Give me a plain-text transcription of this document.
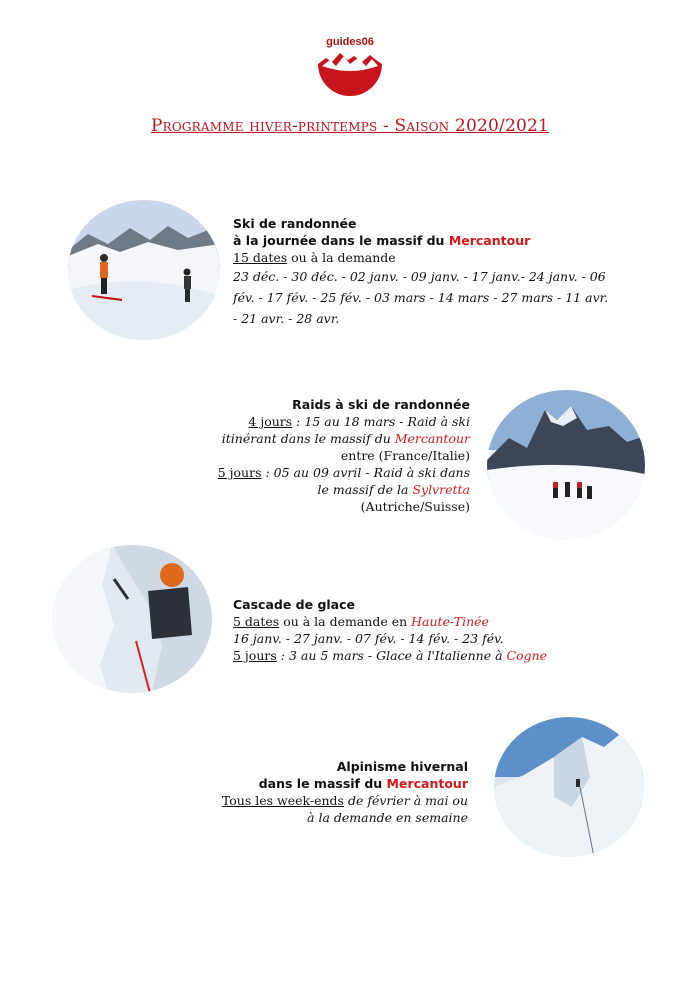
guides06
Programme hiver-printemps - Saison 2020/2021
Ski de randonnée
à la journée dans le massif du Mercantour
15 dates ou à la demande
23 déc. - 30 déc. - 02 janv. - 09 janv. - 17 janv.- 24 janv. - 06 fév. - 17 fév. - 25 fév. - 03 mars - 14 mars - 27 mars - 11 avr. - 21 avr. - 28 avr.
Raids à ski de randonnée
4 jours : 15 au 18 mars - Raid à ski
itinérant dans le massif du Mercantour
entre (France/Italie)
5 jours : 05 au 09 avril - Raid à ski dans
le massif de la Sylvretta
(Autriche/Suisse)
Cascade de glace
5 dates ou à la demande en Haute-Tinée
16 janv. - 27 janv. - 07 fév. - 14 fév. - 23 fév.
5 jours : 3 au 5 mars - Glace à l'Italienne à Cogne
Alpinisme hivernal
dans le massif du Mercantour
Tous les week-ends de février à mai ou
à la demande en semaine
